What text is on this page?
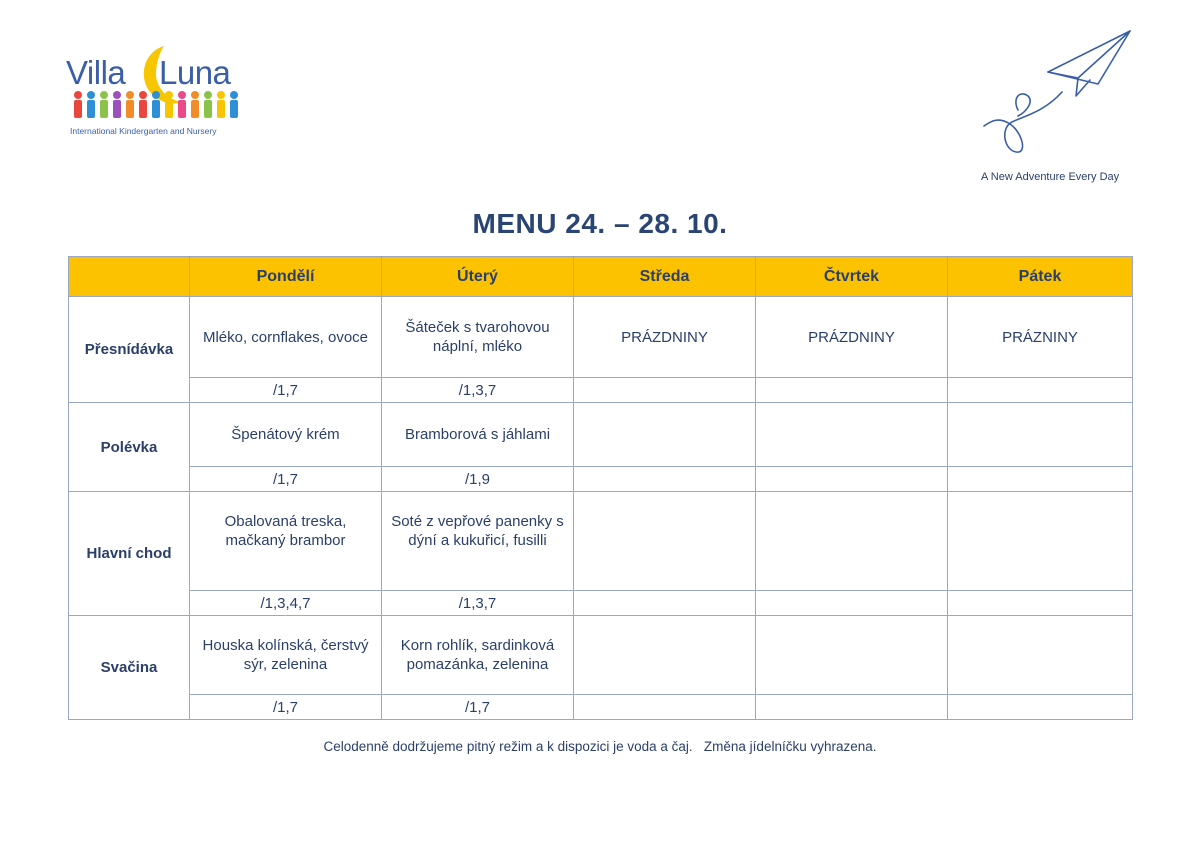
Villa Luna
International Kindergarten and Nursery
A New Adventure Every Day
MENU 24. – 28. 10.
	Pondělí	Úterý	Středa	Čtvrtek	Pátek
Přesnídávka	Mléko, cornflakes, ovoce	Šáteček s tvarohovou náplní, mléko	PRÁZDNINY	PRÁZDNINY	PRÁZNINY
	/1,7	/1,3,7			
Polévka	Špenátový krém	Bramborová s jáhlami			
	/1,7	/1,9			
Hlavní chod	Obalovaná treska, mačkaný brambor	Soté z vepřové panenky s dýní a kukuřicí, fusilli			
	/1,3,4,7	/1,3,7			
Svačina	Houska kolínská, čerstvý sýr, zelenina	Korn rohlík, sardinková pomazánka, zelenina			
	/1,7	/1,7			

Celodenně dodržujeme pitný režim a k dispozici je voda a čaj.   Změna jídelníčku vyhrazena.
